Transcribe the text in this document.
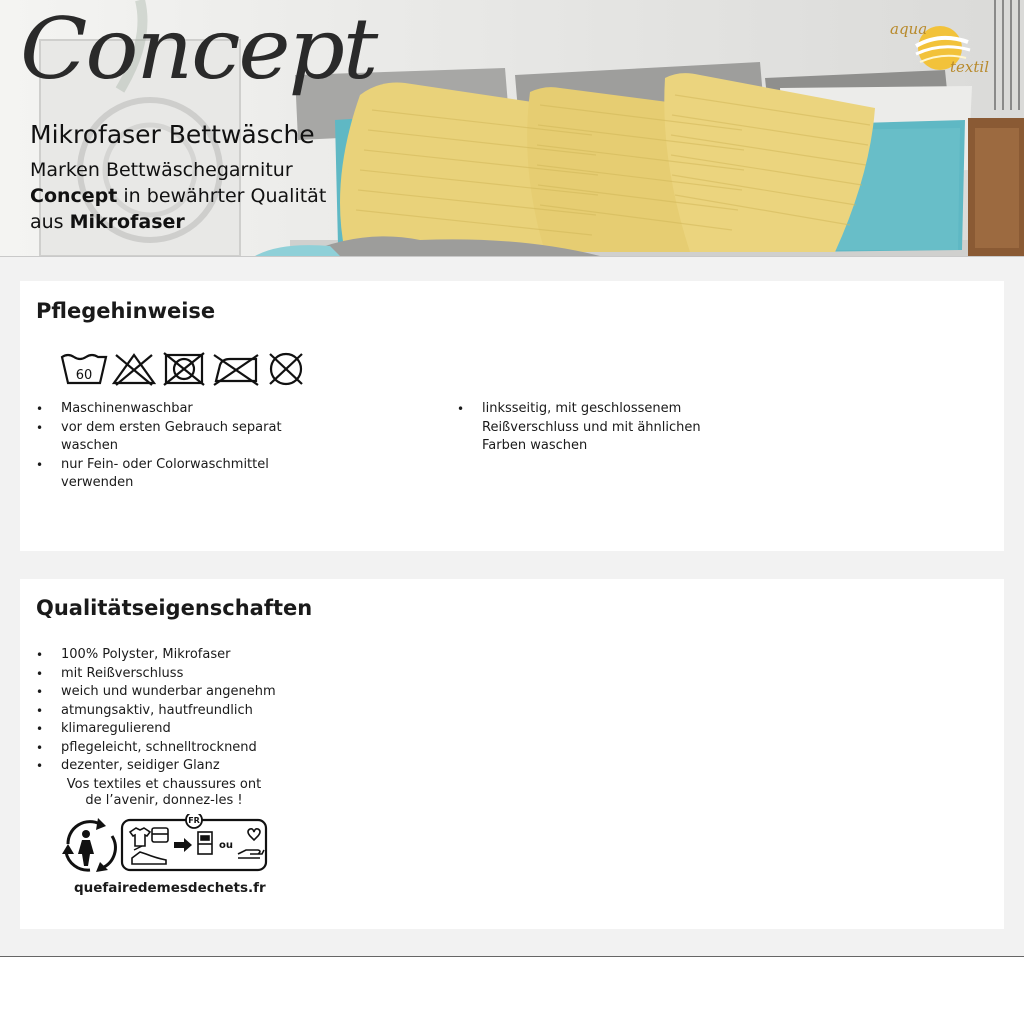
Concept
Mikrofaser Bettwäsche
Marken Bettwäschegarnitur
Concept in bewährter Qualität
aus Mikrofaser
aqua
textil
Pflegehinweise
60
• Maschinenwaschbar
• vor dem ersten Gebrauch separat waschen
• nur Fein- oder Colorwaschmittel verwenden
• linksseitig, mit geschlossenem Reißverschluss und mit ähnlichen Farben waschen
Qualitätseigenschaften
• 100% Polyster, Mikrofaser
• mit Reißverschluss
• weich und wunderbar angenehm
• atmungsaktiv, hautfreundlich
• klimaregulierend
• pflegeleicht, schnelltrocknend
• dezenter, seidiger Glanz
Vos textiles et chaussures ont
de l’avenir, donnez-les !
FR
ou
quefairedemesdechets.fr
